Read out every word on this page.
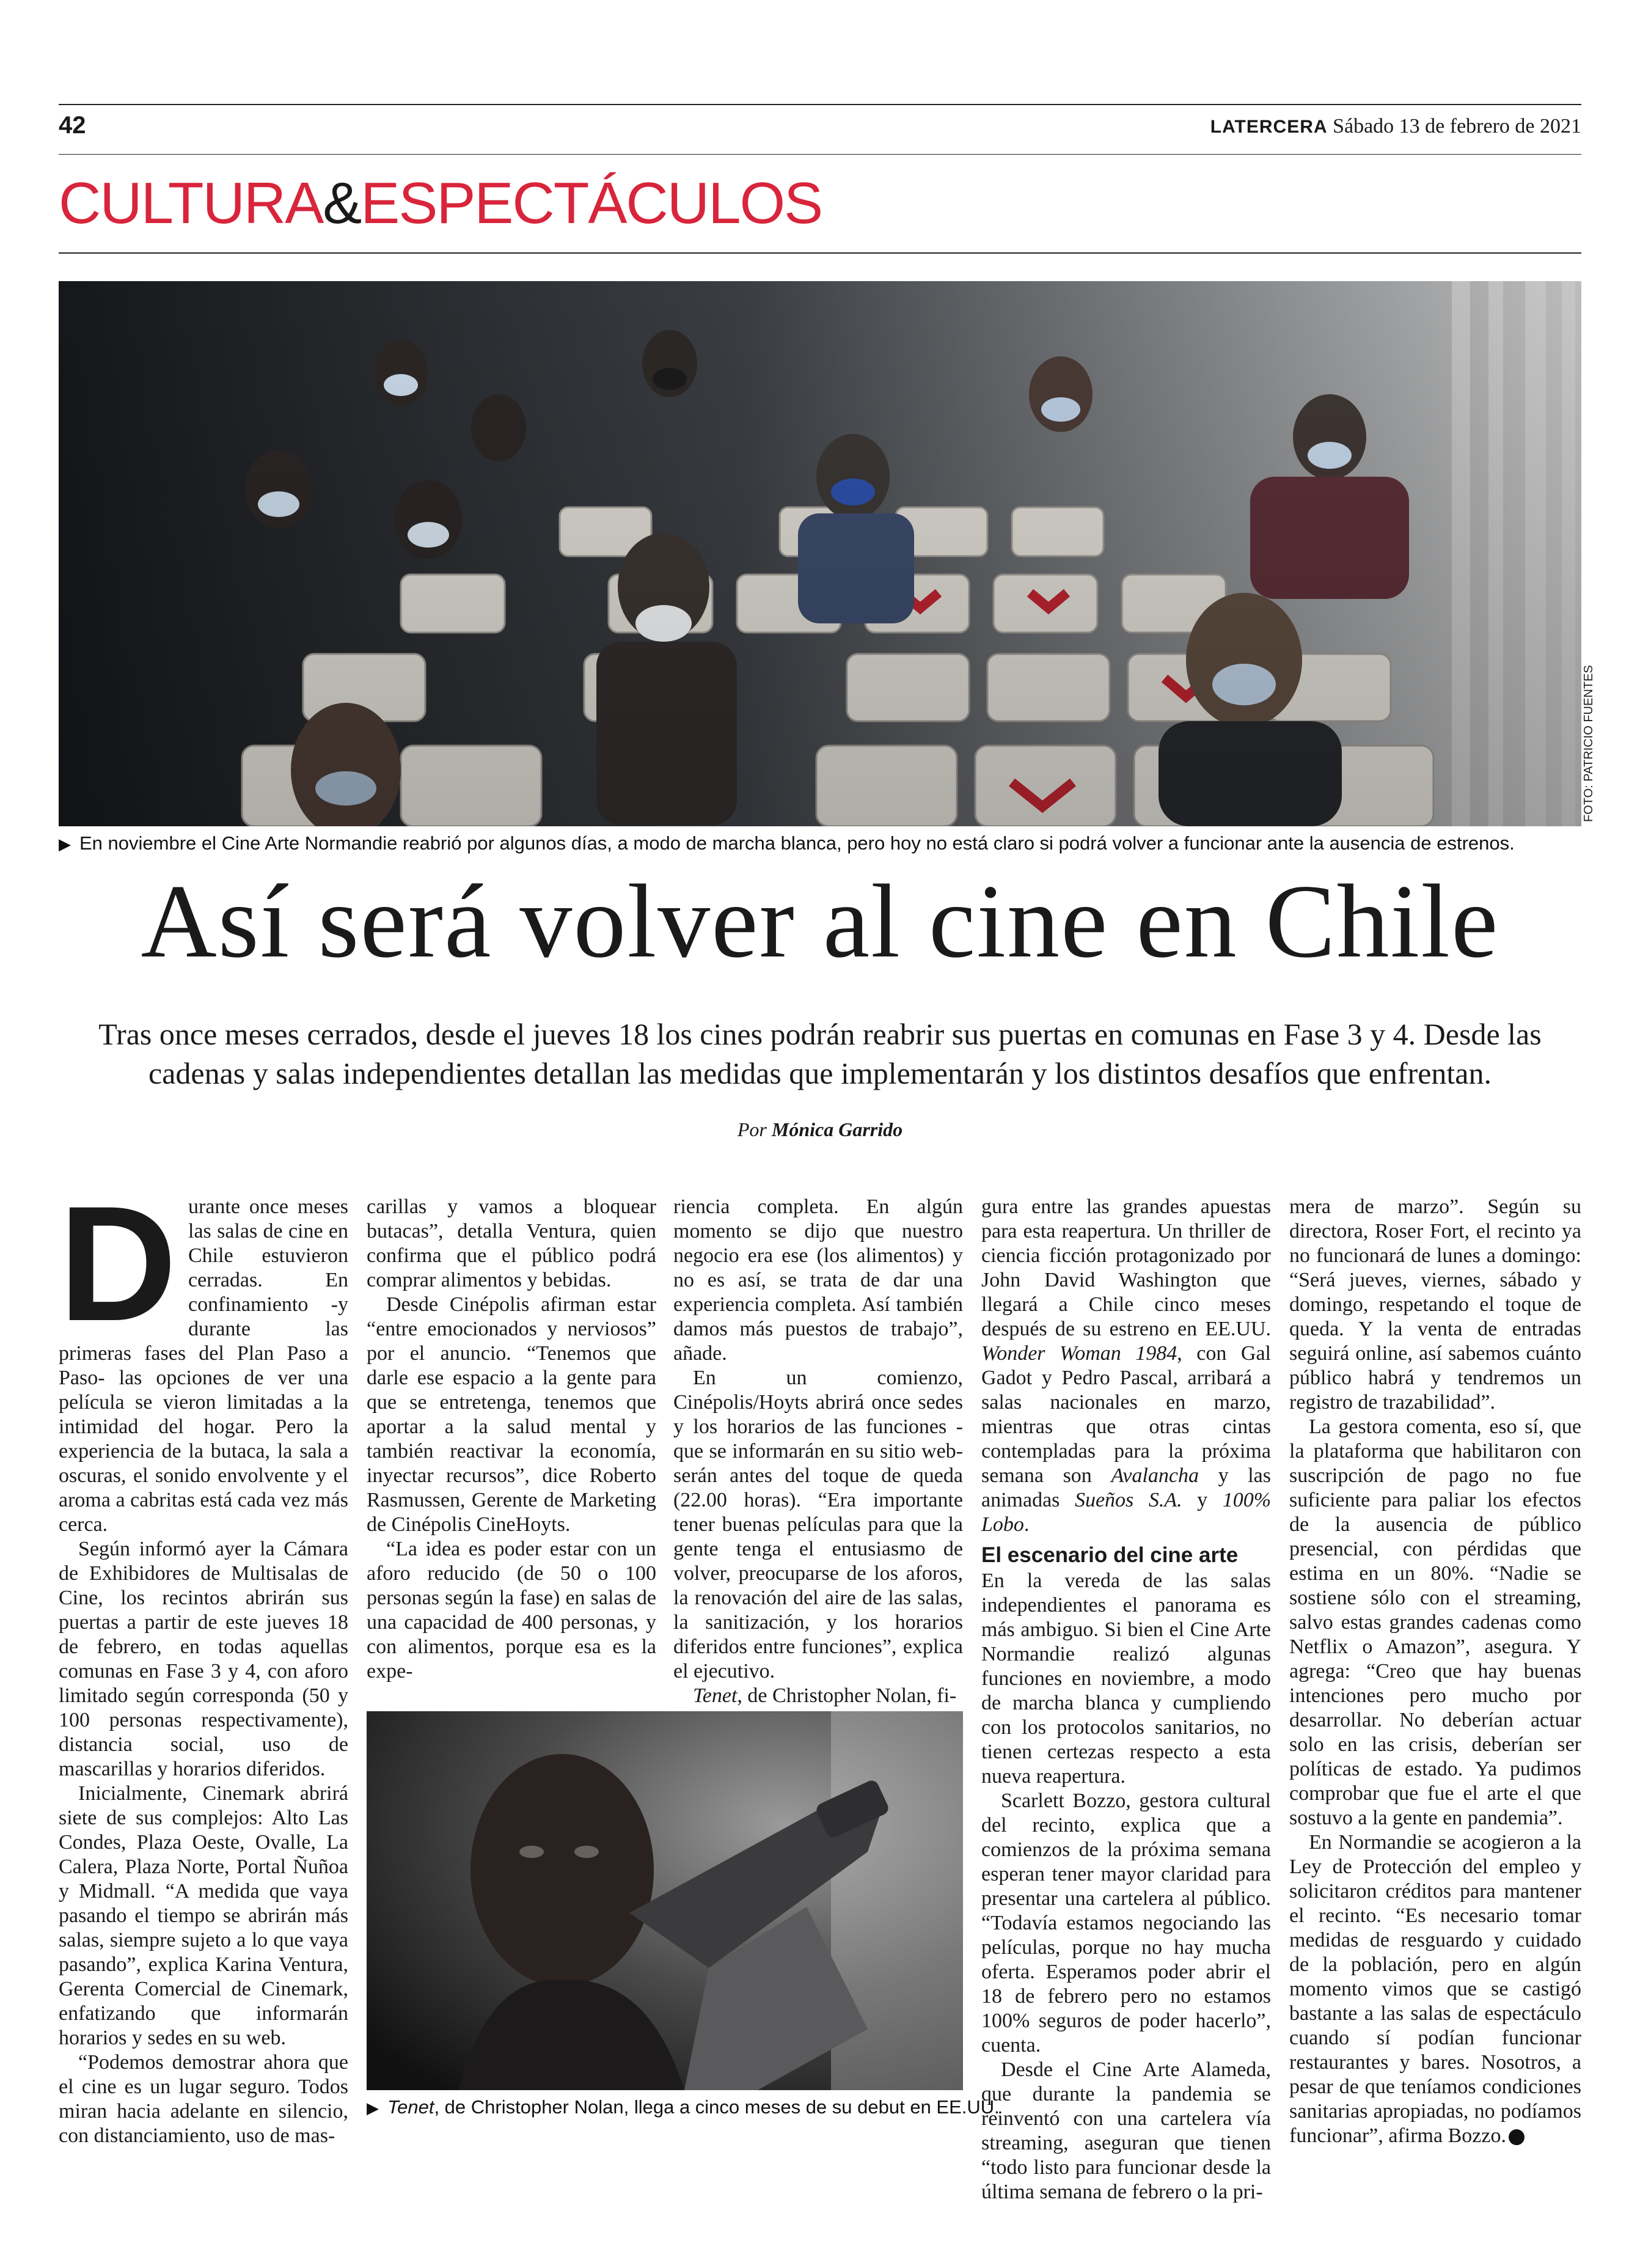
42	LATERCERA Sábado 13 de febrero de 2021
CULTURA&ESPECTÁCULOS
FOTO: PATRICIO FUENTES
▶ En noviembre el Cine Arte Normandie reabrió por algunos días, a modo de marcha blanca, pero hoy no está claro si podrá volver a funcionar ante la ausencia de estrenos.
Así será volver al cine en Chile
Tras once meses cerrados, desde el jueves 18 los cines podrán reabrir sus puertas en comunas en Fase 3 y 4. Desde las cadenas y salas independientes detallan las medidas que implementarán y los distintos desafíos que enfrentan.
Por Mónica Garrido
D urante once meses las salas de cine en Chile estuvieron cerradas. En confinamiento -y durante las primeras fases del Plan Paso a Paso- las opciones de ver una película se vieron limitadas a la intimidad del hogar. Pero la experiencia de la butaca, la sala a oscuras, el sonido envolvente y el aroma a cabritas está cada vez más cerca.

Según informó ayer la Cámara de Exhibidores de Multisalas de Cine, los recintos abrirán sus puertas a partir de este jueves 18 de febrero, en todas aquellas comunas en Fase 3 y 4, con aforo limitado según corresponda (50 y 100 personas respectivamente), distancia social, uso de mascarillas y horarios diferidos.

Inicialmente, Cinemark abrirá siete de sus complejos: Alto Las Condes, Plaza Oeste, Ovalle, La Calera, Plaza Norte, Portal Ñuñoa y Midmall. “A medida que vaya pasando el tiempo se abrirán más salas, siempre sujeto a lo que vaya pasando”, explica Karina Ventura, Gerenta Comercial de Cinemark, enfatizando que informarán horarios y sedes en su web.

“Podemos demostrar ahora que el cine es un lugar seguro. Todos miran hacia adelante en silencio, con distanciamiento, uso de mas-

carillas y vamos a bloquear butacas”, detalla Ventura, quien confirma que el público podrá comprar alimentos y bebidas.

Desde Cinépolis afirman estar “entre emocionados y nerviosos” por el anuncio. “Tenemos que darle ese espacio a la gente para que se entretenga, tenemos que aportar a la salud mental y también reactivar la economía, inyectar recursos”, dice Roberto Rasmussen, Gerente de Marketing de Cinépolis CineHoyts.

“La idea es poder estar con un aforo reducido (de 50 o 100 personas según la fase) en salas de una capacidad de 400 personas, y con alimentos, porque esa es la expe-

riencia completa. En algún momento se dijo que nuestro negocio era ese (los alimentos) y no es así, se trata de dar una experiencia completa. Así también damos más puestos de trabajo”, añade.

En un comienzo, Cinépolis/Hoyts abrirá once sedes y los horarios de las funciones -que se informarán en su sitio web- serán antes del toque de queda (22.00 horas). “Era importante tener buenas películas para que la gente tenga el entusiasmo de volver, preocuparse de los aforos, la renovación del aire de las salas, la sanitización, y los horarios diferidos entre funciones”, explica el ejecutivo.

Tenet, de Christopher Nolan, fi-

▶ Tenet, de Christopher Nolan, llega a cinco meses de su debut en EE.UU.

gura entre las grandes apuestas para esta reapertura. Un thriller de ciencia ficción protagonizado por John David Washington que llegará a Chile cinco meses después de su estreno en EE.UU. Wonder Woman 1984, con Gal Gadot y Pedro Pascal, arribará a salas nacionales en marzo, mientras que otras cintas contempladas para la próxima semana son Avalancha y las animadas Sueños S.A. y 100% Lobo.

El escenario del cine arte

En la vereda de las salas independientes el panorama es más ambiguo. Si bien el Cine Arte Normandie realizó algunas funciones en noviembre, a modo de marcha blanca y cumpliendo con los protocolos sanitarios, no tienen certezas respecto a esta nueva reapertura.

Scarlett Bozzo, gestora cultural del recinto, explica que a comienzos de la próxima semana esperan tener mayor claridad para presentar una cartelera al público. “Todavía estamos negociando las películas, porque no hay mucha oferta. Esperamos poder abrir el 18 de febrero pero no estamos 100% seguros de poder hacerlo”, cuenta.

Desde el Cine Arte Alameda, que durante la pandemia se reinventó con una cartelera vía streaming, aseguran que tienen “todo listo para funcionar desde la última semana de febrero o la pri-

mera de marzo”. Según su directora, Roser Fort, el recinto ya no funcionará de lunes a domingo: “Será jueves, viernes, sábado y domingo, respetando el toque de queda. Y la venta de entradas seguirá online, así sabemos cuánto público habrá y tendremos un registro de trazabilidad”.

La gestora comenta, eso sí, que la plataforma que habilitaron con suscripción de pago no fue suficiente para paliar los efectos de la ausencia de público presencial, con pérdidas que estima en un 80%. “Nadie se sostiene sólo con el streaming, salvo estas grandes cadenas como Netflix o Amazon”, asegura. Y agrega: “Creo que hay buenas intenciones pero mucho por desarrollar. No deberían actuar solo en las crisis, deberían ser políticas de estado. Ya pudimos comprobar que fue el arte el que sostuvo a la gente en pandemia”.

En Normandie se acogieron a la Ley de Protección del empleo y solicitaron créditos para mantener el recinto. “Es necesario tomar medidas de resguardo y cuidado de la población, pero en algún momento vimos que se castigó bastante a las salas de espectáculo cuando sí podían funcionar restaurantes y bares. Nosotros, a pesar de que teníamos condiciones sanitarias apropiadas, no podíamos funcionar”, afirma Bozzo.
